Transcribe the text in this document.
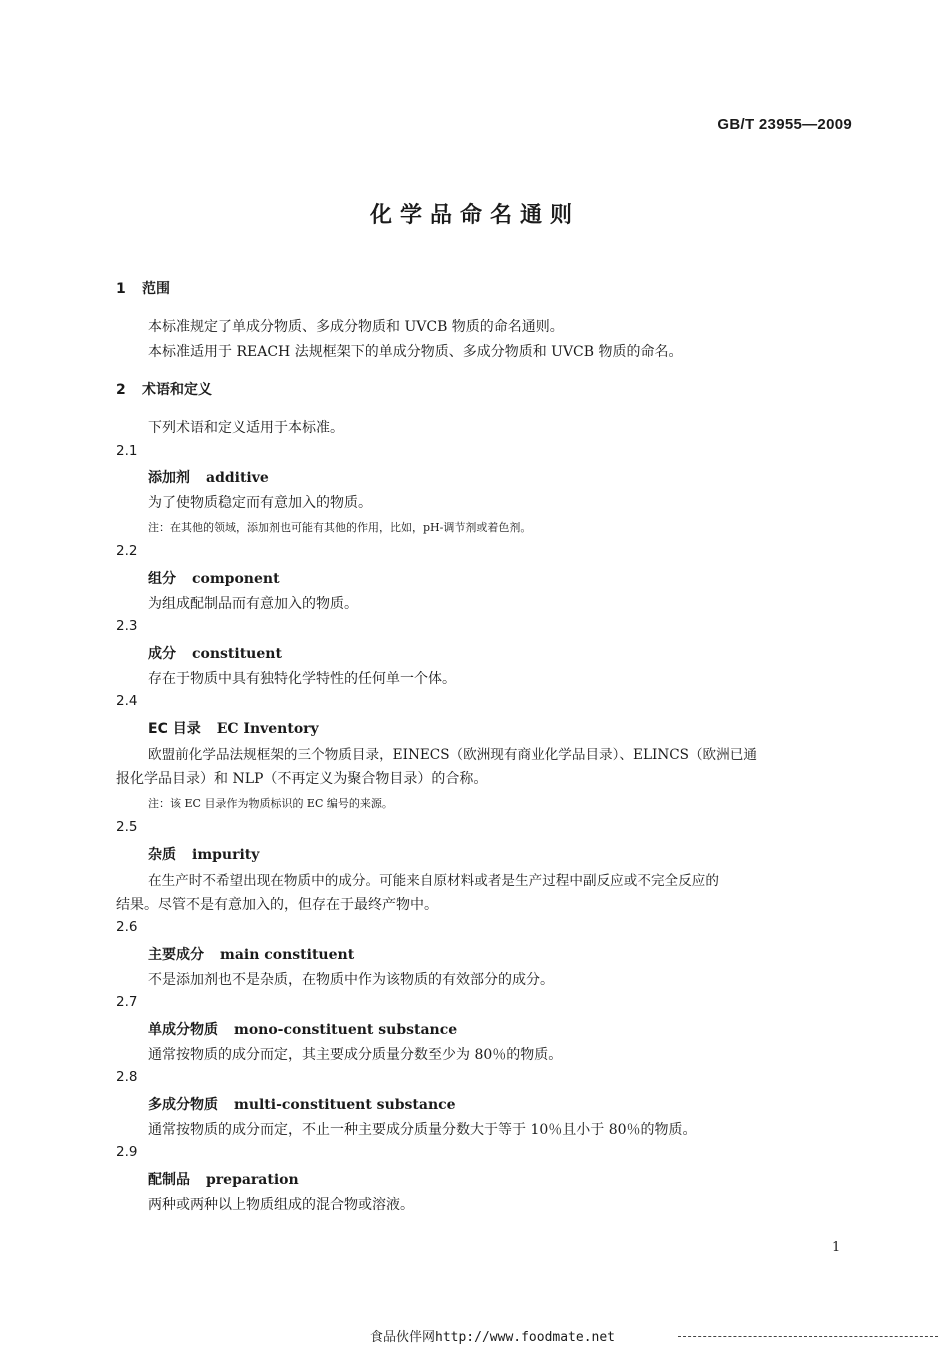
GB/T 23955—2009
化学品命名通则
1 范围
本标准规定了单成分物质、多成分物质和 UVCB 物质的命名通则。
本标准适用于 REACH 法规框架下的单成分物质、多成分物质和 UVCB 物质的命名。
2 术语和定义
下列术语和定义适用于本标准。
2.1
添加剂 additive
为了使物质稳定而有意加入的物质。
注：在其他的领域，添加剂也可能有其他的作用，比如，pH-调节剂或着色剂。
2.2
组分 component
为组成配制品而有意加入的物质。
2.3
成分 constituent
存在于物质中具有独特化学特性的任何单一个体。
2.4
EC 目录 EC Inventory
欧盟前化学品法规框架的三个物质目录，EINECS（欧洲现有商业化学品目录）、ELINCS（欧洲已通
报化学品目录）和 NLP（不再定义为聚合物目录）的合称。
注：该 EC 目录作为物质标识的 EC 编号的来源。
2.5
杂质 impurity
在生产时不希望出现在物质中的成分。可能来自原材料或者是生产过程中副反应或不完全反应的
结果。尽管不是有意加入的，但存在于最终产物中。
2.6
主要成分 main constituent
不是添加剂也不是杂质，在物质中作为该物质的有效部分的成分。
2.7
单成分物质 mono-constituent substance
通常按物质的成分而定，其主要成分质量分数至少为 80％的物质。
2.8
多成分物质 multi-constituent substance
通常按物质的成分而定，不止一种主要成分质量分数大于等于 10％且小于 80％的物质。
2.9
配制品 preparation
两种或两种以上物质组成的混合物或溶液。
1
食品伙伴网http://www.foodmate.net
